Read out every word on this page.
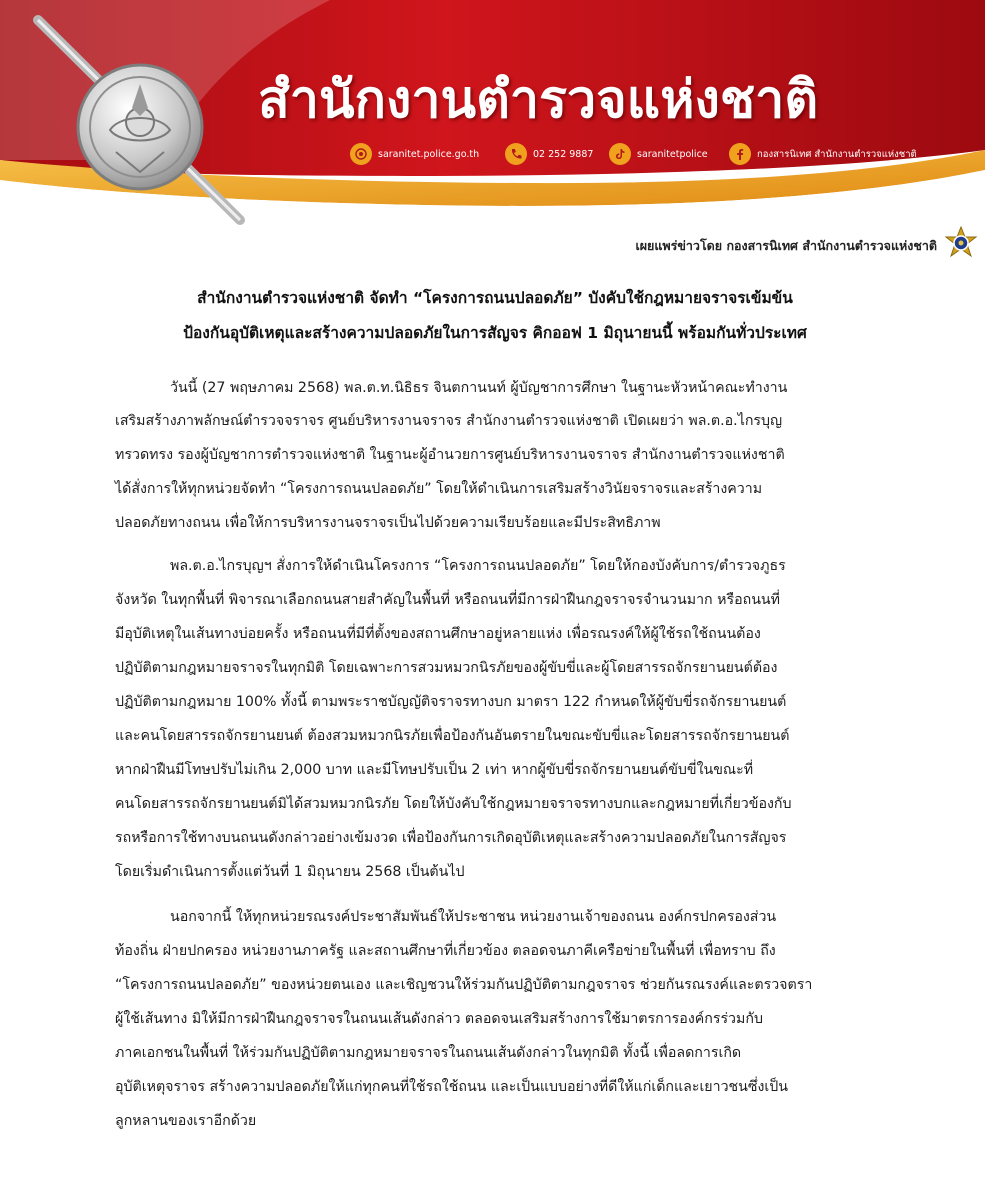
สำนักงานตำรวจแห่งชาติ
saranitet.police.go.th	02 252 9887	saranitetpolice	กองสารนิเทศ สำนักงานตำรวจแห่งชาติ
เผยแพร่ข่าวโดย กองสารนิเทศ สำนักงานตำรวจแห่งชาติ
สำนักงานตำรวจแห่งชาติ จัดทำ “โครงการถนนปลอดภัย” บังคับใช้กฎหมายจราจรเข้มข้น
ป้องกันอุบัติเหตุและสร้างความปลอดภัยในการสัญจร คิกออฟ 1 มิถุนายนนี้ พร้อมกันทั่วประเทศ
วันนี้ (27 พฤษภาคม 2568) พล.ต.ท.นิธิธร จินตกานนท์ ผู้บัญชาการศึกษา ในฐานะหัวหน้าคณะทำงาน
เสริมสร้างภาพลักษณ์ตำรวจจราจร ศูนย์บริหารงานจราจร สำนักงานตำรวจแห่งชาติ เปิดเผยว่า พล.ต.อ.ไกรบุญ
ทรวดทรง รองผู้บัญชาการตำรวจแห่งชาติ ในฐานะผู้อำนวยการศูนย์บริหารงานจราจร สำนักงานตำรวจแห่งชาติ
ได้สั่งการให้ทุกหน่วยจัดทำ “โครงการถนนปลอดภัย” โดยให้ดำเนินการเสริมสร้างวินัยจราจรและสร้างความ
ปลอดภัยทางถนน เพื่อให้การบริหารงานจราจรเป็นไปด้วยความเรียบร้อยและมีประสิทธิภาพ
พล.ต.อ.ไกรบุญฯ สั่งการให้ดำเนินโครงการ “โครงการถนนปลอดภัย” โดยให้กองบังคับการ/ตำรวจภูธร
จังหวัด ในทุกพื้นที่ พิจารณาเลือกถนนสายสำคัญในพื้นที่ หรือถนนที่มีการฝ่าฝืนกฎจราจรจำนวนมาก หรือถนนที่
มีอุบัติเหตุในเส้นทางบ่อยครั้ง หรือถนนที่มีที่ตั้งของสถานศึกษาอยู่หลายแห่ง เพื่อรณรงค์ให้ผู้ใช้รถใช้ถนนต้อง
ปฏิบัติตามกฎหมายจราจรในทุกมิติ โดยเฉพาะการสวมหมวกนิรภัยของผู้ขับขี่และผู้โดยสารรถจักรยานยนต์ต้อง
ปฏิบัติตามกฎหมาย 100% ทั้งนี้ ตามพระราชบัญญัติจราจรทางบก มาตรา 122 กำหนดให้ผู้ขับขี่รถจักรยานยนต์
และคนโดยสารรถจักรยานยนต์ ต้องสวมหมวกนิรภัยเพื่อป้องกันอันตรายในขณะขับขี่และโดยสารรถจักรยานยนต์
หากฝ่าฝืนมีโทษปรับไม่เกิน 2,000 บาท และมีโทษปรับเป็น 2 เท่า หากผู้ขับขี่รถจักรยานยนต์ขับขี่ในขณะที่
คนโดยสารรถจักรยานยนต์มิได้สวมหมวกนิรภัย โดยให้บังคับใช้กฎหมายจราจรทางบกและกฎหมายที่เกี่ยวข้องกับ
รถหรือการใช้ทางบนถนนดังกล่าวอย่างเข้มงวด เพื่อป้องกันการเกิดอุบัติเหตุและสร้างความปลอดภัยในการสัญจร
โดยเริ่มดำเนินการตั้งแต่วันที่ 1 มิถุนายน 2568 เป็นต้นไป
นอกจากนี้ ให้ทุกหน่วยรณรงค์ประชาสัมพันธ์ให้ประชาชน หน่วยงานเจ้าของถนน องค์กรปกครองส่วน
ท้องถิ่น ฝ่ายปกครอง หน่วยงานภาครัฐ และสถานศึกษาที่เกี่ยวข้อง ตลอดจนภาคีเครือข่ายในพื้นที่ เพื่อทราบ ถึง
“โครงการถนนปลอดภัย” ของหน่วยตนเอง และเชิญชวนให้ร่วมกันปฏิบัติตามกฎจราจร ช่วยกันรณรงค์และตรวจตรา
ผู้ใช้เส้นทาง มิให้มีการฝ่าฝืนกฎจราจรในถนนเส้นดังกล่าว ตลอดจนเสริมสร้างการใช้มาตรการองค์กรร่วมกับ
ภาคเอกชนในพื้นที่ ให้ร่วมกันปฏิบัติตามกฎหมายจราจรในถนนเส้นดังกล่าวในทุกมิติ ทั้งนี้ เพื่อลดการเกิด
อุบัติเหตุจราจร สร้างความปลอดภัยให้แก่ทุกคนที่ใช้รถใช้ถนน และเป็นแบบอย่างที่ดีให้แก่เด็กและเยาวชนซึ่งเป็น
ลูกหลานของเราอีกด้วย
